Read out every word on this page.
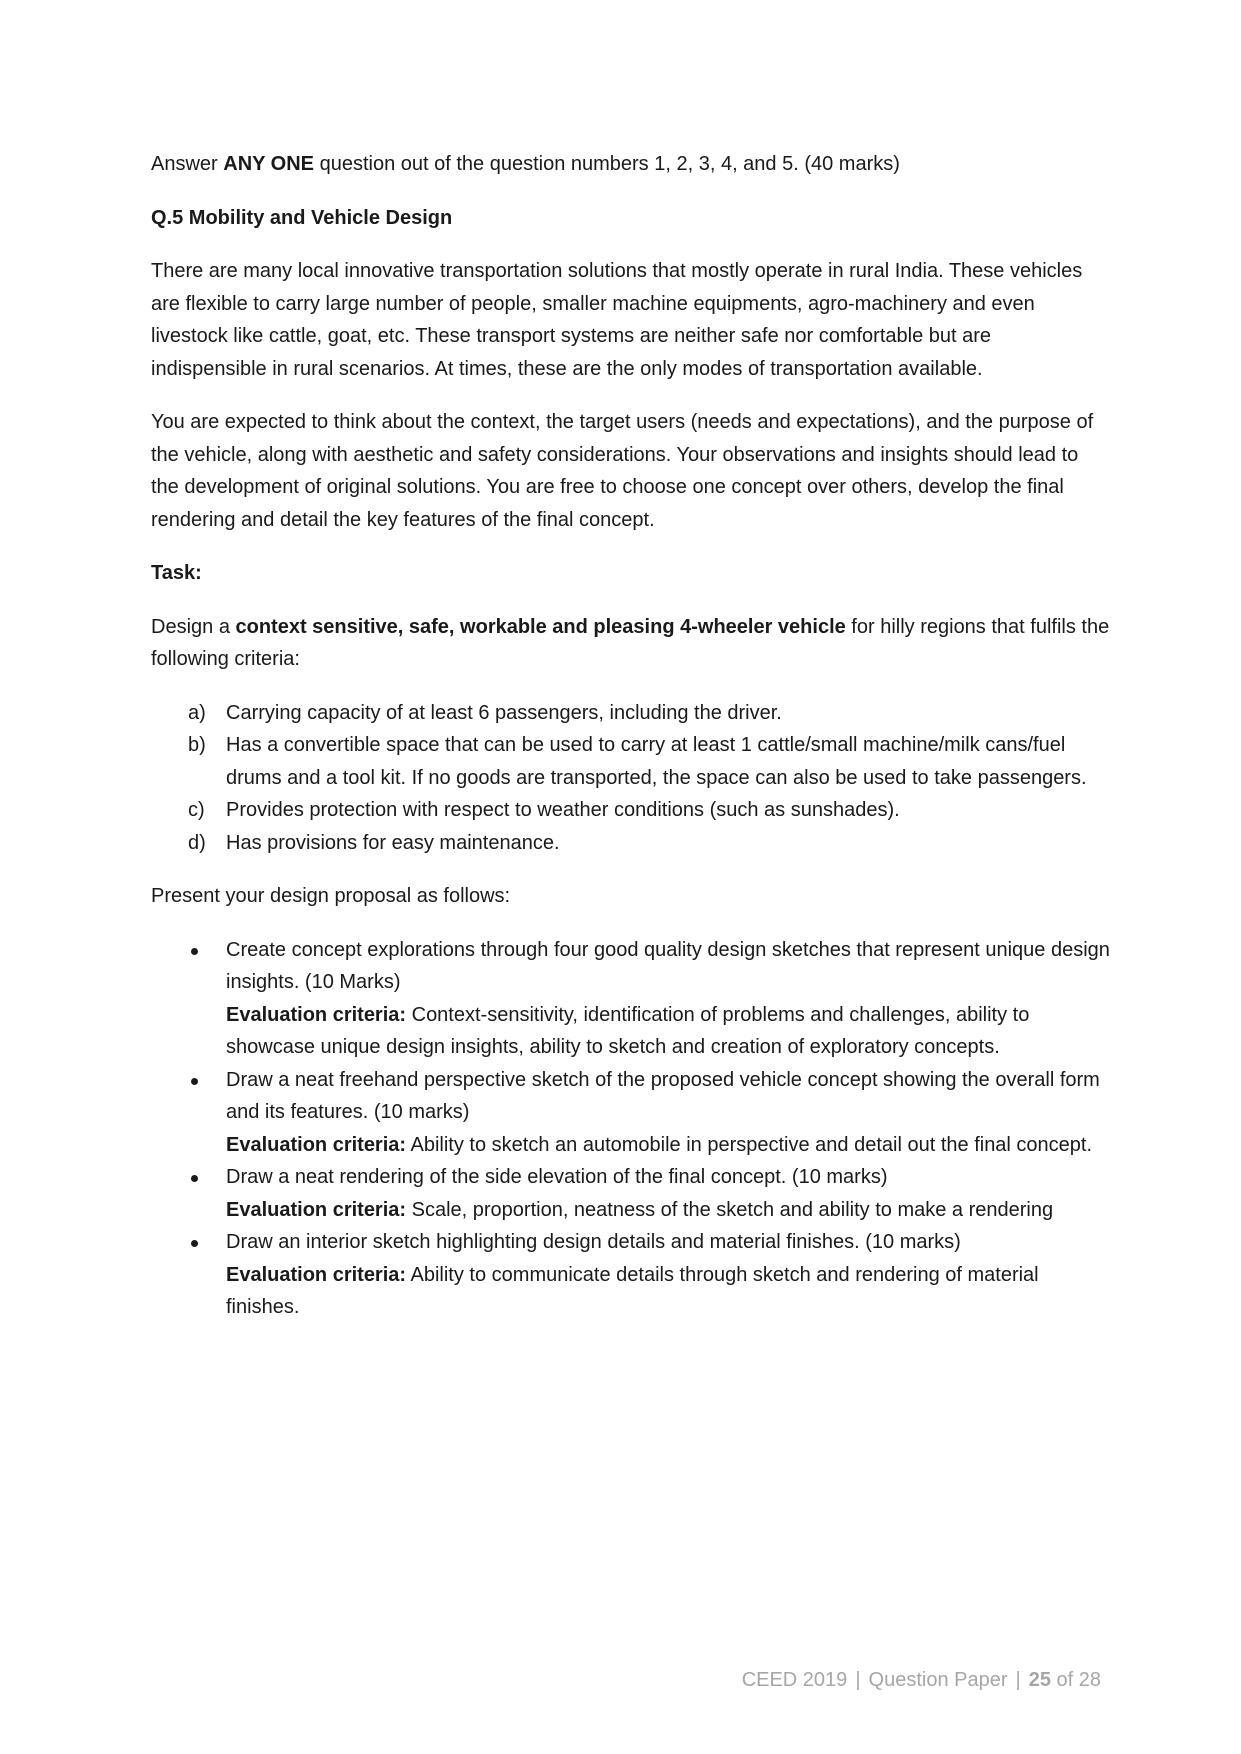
Answer ANY ONE question out of the question numbers 1, 2, 3, 4, and 5. (40 marks)

Q.5 Mobility and Vehicle Design

There are many local innovative transportation solutions that mostly operate in rural India. These vehicles are flexible to carry large number of people, smaller machine equipments, agro-machinery and even livestock like cattle, goat, etc. These transport systems are neither safe nor comfortable but are indispensible in rural scenarios. At times, these are the only modes of transportation available.

You are expected to think about the context, the target users (needs and expectations), and the purpose of the vehicle, along with aesthetic and safety considerations. Your observations and insights should lead to the development of original solutions. You are free to choose one concept over others, develop the final rendering and detail the key features of the final concept.

Task:

Design a context sensitive, safe, workable and pleasing 4-wheeler vehicle for hilly regions that fulfils the following criteria:

a) Carrying capacity of at least 6 passengers, including the driver.
b) Has a convertible space that can be used to carry at least 1 cattle/small machine/milk cans/fuel drums and a tool kit. If no goods are transported, the space can also be used to take passengers.
c) Provides protection with respect to weather conditions (such as sunshades).
d) Has provisions for easy maintenance.

Present your design proposal as follows:

Create concept explorations through four good quality design sketches that represent unique design insights. (10 Marks)
Evaluation criteria: Context-sensitivity, identification of problems and challenges, ability to showcase unique design insights, ability to sketch and creation of exploratory concepts.
Draw a neat freehand perspective sketch of the proposed vehicle concept showing the overall form and its features. (10 marks)
Evaluation criteria: Ability to sketch an automobile in perspective and detail out the final concept.
Draw a neat rendering of the side elevation of the final concept. (10 marks)
Evaluation criteria: Scale, proportion, neatness of the sketch and ability to make a rendering
Draw an interior sketch highlighting design details and material finishes. (10 marks)
Evaluation criteria: Ability to communicate details through sketch and rendering of material finishes.
CEED 2019 | Question Paper | 25 of 28
